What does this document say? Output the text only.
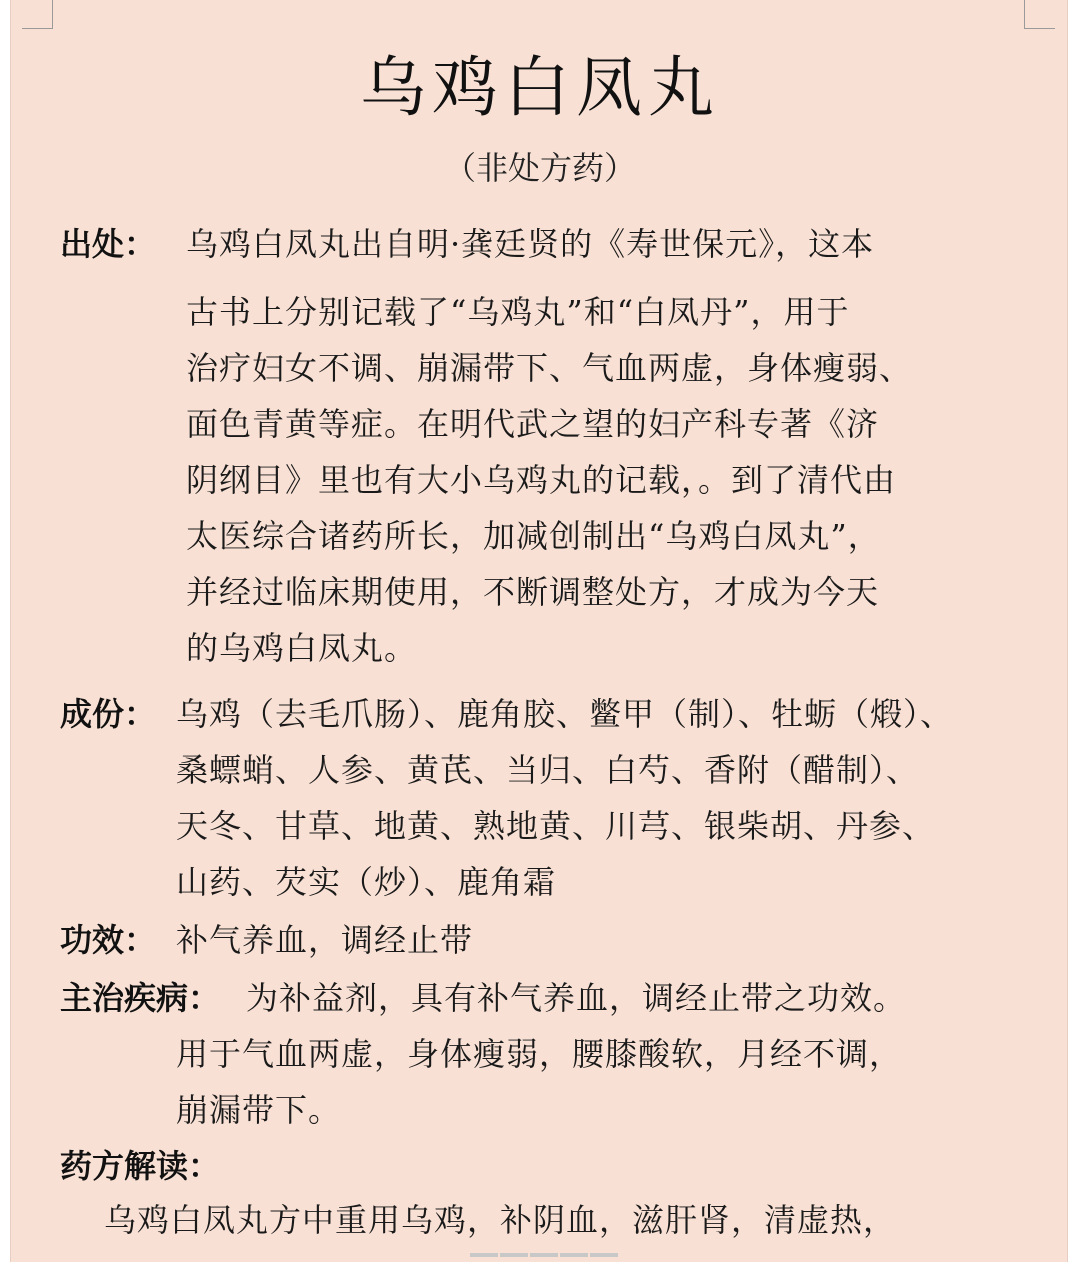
乌鸡白凤丸
（非处方药）
出处： 乌鸡白凤丸出自明·龚廷贤的《寿世保元》，这本
古书上分别记载了“乌鸡丸”和“白凤丹”，用于
治疗妇女不调、崩漏带下、气血两虚，身体瘦弱、
面色青黄等症。在明代武之望的妇产科专著《济
阴纲目》里也有大小乌鸡丸的记载，。到了清代由
太医综合诸药所长，加减创制出“乌鸡白凤丸”，
并经过临床期使用，不断调整处方，才成为今天
的乌鸡白凤丸。
成份： 乌鸡（去毛爪肠）、鹿角胶、鳖甲（制）、牡蛎（煅）、
桑螵蛸、人参、黄芪、当归、白芍、香附（醋制）、
天冬、甘草、地黄、熟地黄、川芎、银柴胡、丹参、
山药、芡实（炒）、鹿角霜
功效： 补气养血，调经止带
主治疾病： 为补益剂，具有补气养血，调经止带之功效。
用于气血两虚，身体瘦弱，腰膝酸软，月经不调，
崩漏带下。
药方解读：
乌鸡白凤丸方中重用乌鸡，补阴血，滋肝肾，清虚热，
